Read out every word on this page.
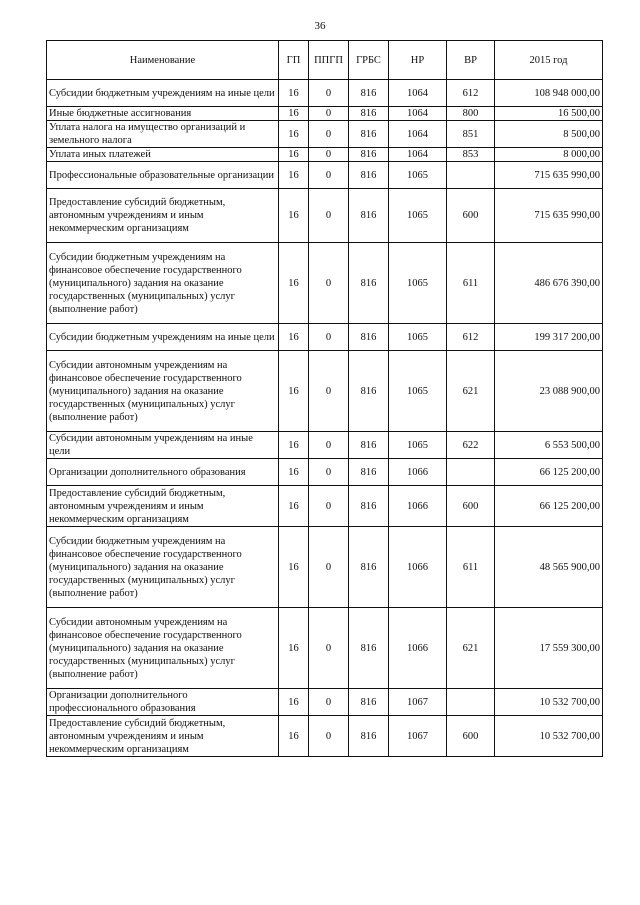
36
Наименование	ГП	ППГП	ГРБС	НР	ВР	2015 год
Субсидии бюджетным учреждениям на иные цели	16	0	816	1064	612	108 948 000,00
Иные бюджетные ассигнования	16	0	816	1064	800	16 500,00
Уплата налога на имущество организаций и земельного налога	16	0	816	1064	851	8 500,00
Уплата иных платежей	16	0	816	1064	853	8 000,00
Профессиональные образовательные организации	16	0	816	1065		715 635 990,00
Предоставление субсидий бюджетным, автономным учреждениям и иным некоммерческим организациям	16	0	816	1065	600	715 635 990,00
Субсидии бюджетным учреждениям на финансовое обеспечение государственного (муниципального) задания на оказание государственных (муниципальных) услуг (выполнение работ)	16	0	816	1065	611	486 676 390,00
Субсидии бюджетным учреждениям на иные цели	16	0	816	1065	612	199 317 200,00
Субсидии автономным учреждениям на финансовое обеспечение государственного (муниципального) задания на оказание государственных (муниципальных) услуг (выполнение работ)	16	0	816	1065	621	23 088 900,00
Субсидии автономным учреждениям на иные цели	16	0	816	1065	622	6 553 500,00
Организации дополнительного образования	16	0	816	1066		66 125 200,00
Предоставление субсидий бюджетным, автономным учреждениям и иным некоммерческим организациям	16	0	816	1066	600	66 125 200,00
Субсидии бюджетным учреждениям на финансовое обеспечение государственного (муниципального) задания на оказание государственных (муниципальных) услуг (выполнение работ)	16	0	816	1066	611	48 565 900,00
Субсидии автономным учреждениям на финансовое обеспечение государственного (муниципального) задания на оказание государственных (муниципальных) услуг (выполнение работ)	16	0	816	1066	621	17 559 300,00
Организации дополнительного профессионального образования	16	0	816	1067		10 532 700,00
Предоставление субсидий бюджетным, автономным учреждениям и иным некоммерческим организациям	16	0	816	1067	600	10 532 700,00
